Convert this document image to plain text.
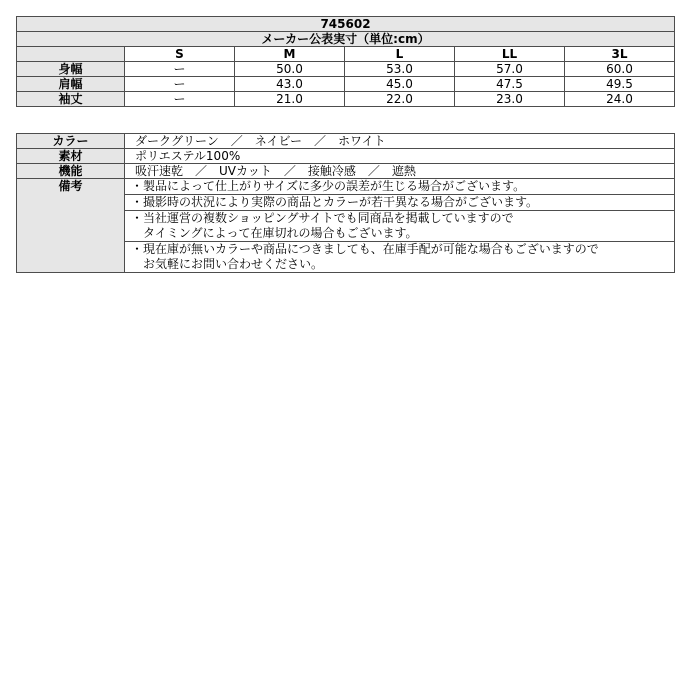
745602					
メーカー公表実寸（単位:cm）					
	S	M	L	LL	3L
身幅	ー	50.0	53.0	57.0	60.0
肩幅	ー	43.0	45.0	47.5	49.5
袖丈	ー	21.0	22.0	23.0	24.0
カラー	ダークグリーン　／　ネイビー　／　ホワイト
素材	ポリエステル100%
機能	吸汗速乾　／　UVカット　／　接触冷感　／　遮熱
備考	・製品によって仕上がりサイズに多少の誤差が生じる場合がございます。

	・撮影時の状況により実際の商品とカラーが若干異なる場合がございます。

	・当社運営の複数ショッピングサイトでも同商品を掲載していますので
　タイミングによって在庫切れの場合もございます。

	・現在庫が無いカラーや商品につきましても、在庫手配が可能な場合もございますので
　お気軽にお問い合わせください。
